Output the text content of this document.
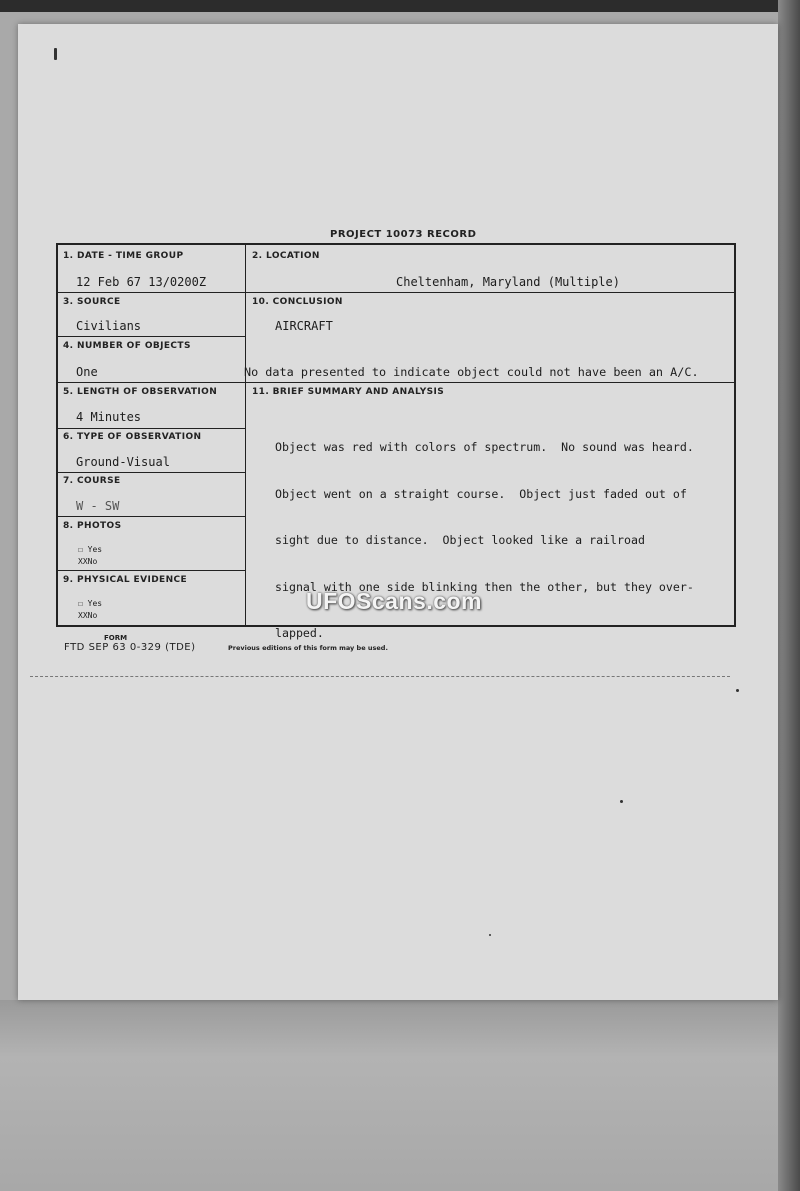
PROJECT 10073 RECORD
1. DATE - TIME GROUP
12 Feb 67 13/0200Z
2. LOCATION
Cheltenham, Maryland (Multiple)
3. SOURCE
Civilians
10. CONCLUSION
AIRCRAFT
No data presented to indicate object could not have been an A/C.
4. NUMBER OF OBJECTS
One
5. LENGTH OF OBSERVATION
4 Minutes
11. BRIEF SUMMARY AND ANALYSIS

Object was red with colors of spectrum.  No sound was heard.

Object went on a straight course.  Object just faded out of

sight due to distance.  Object looked like a railroad

signal with one side blinking then the other, but they over-

lapped.

6. TYPE OF OBSERVATION
Ground-Visual
7. COURSE
W - SW
8. PHOTOS
☐ Yes
XXNo
9. PHYSICAL EVIDENCE
☐ Yes
XXNo
UFOScans.com
FORM
FTD SEP 63 0-329 (TDE)	Previous editions of this form may be used.
